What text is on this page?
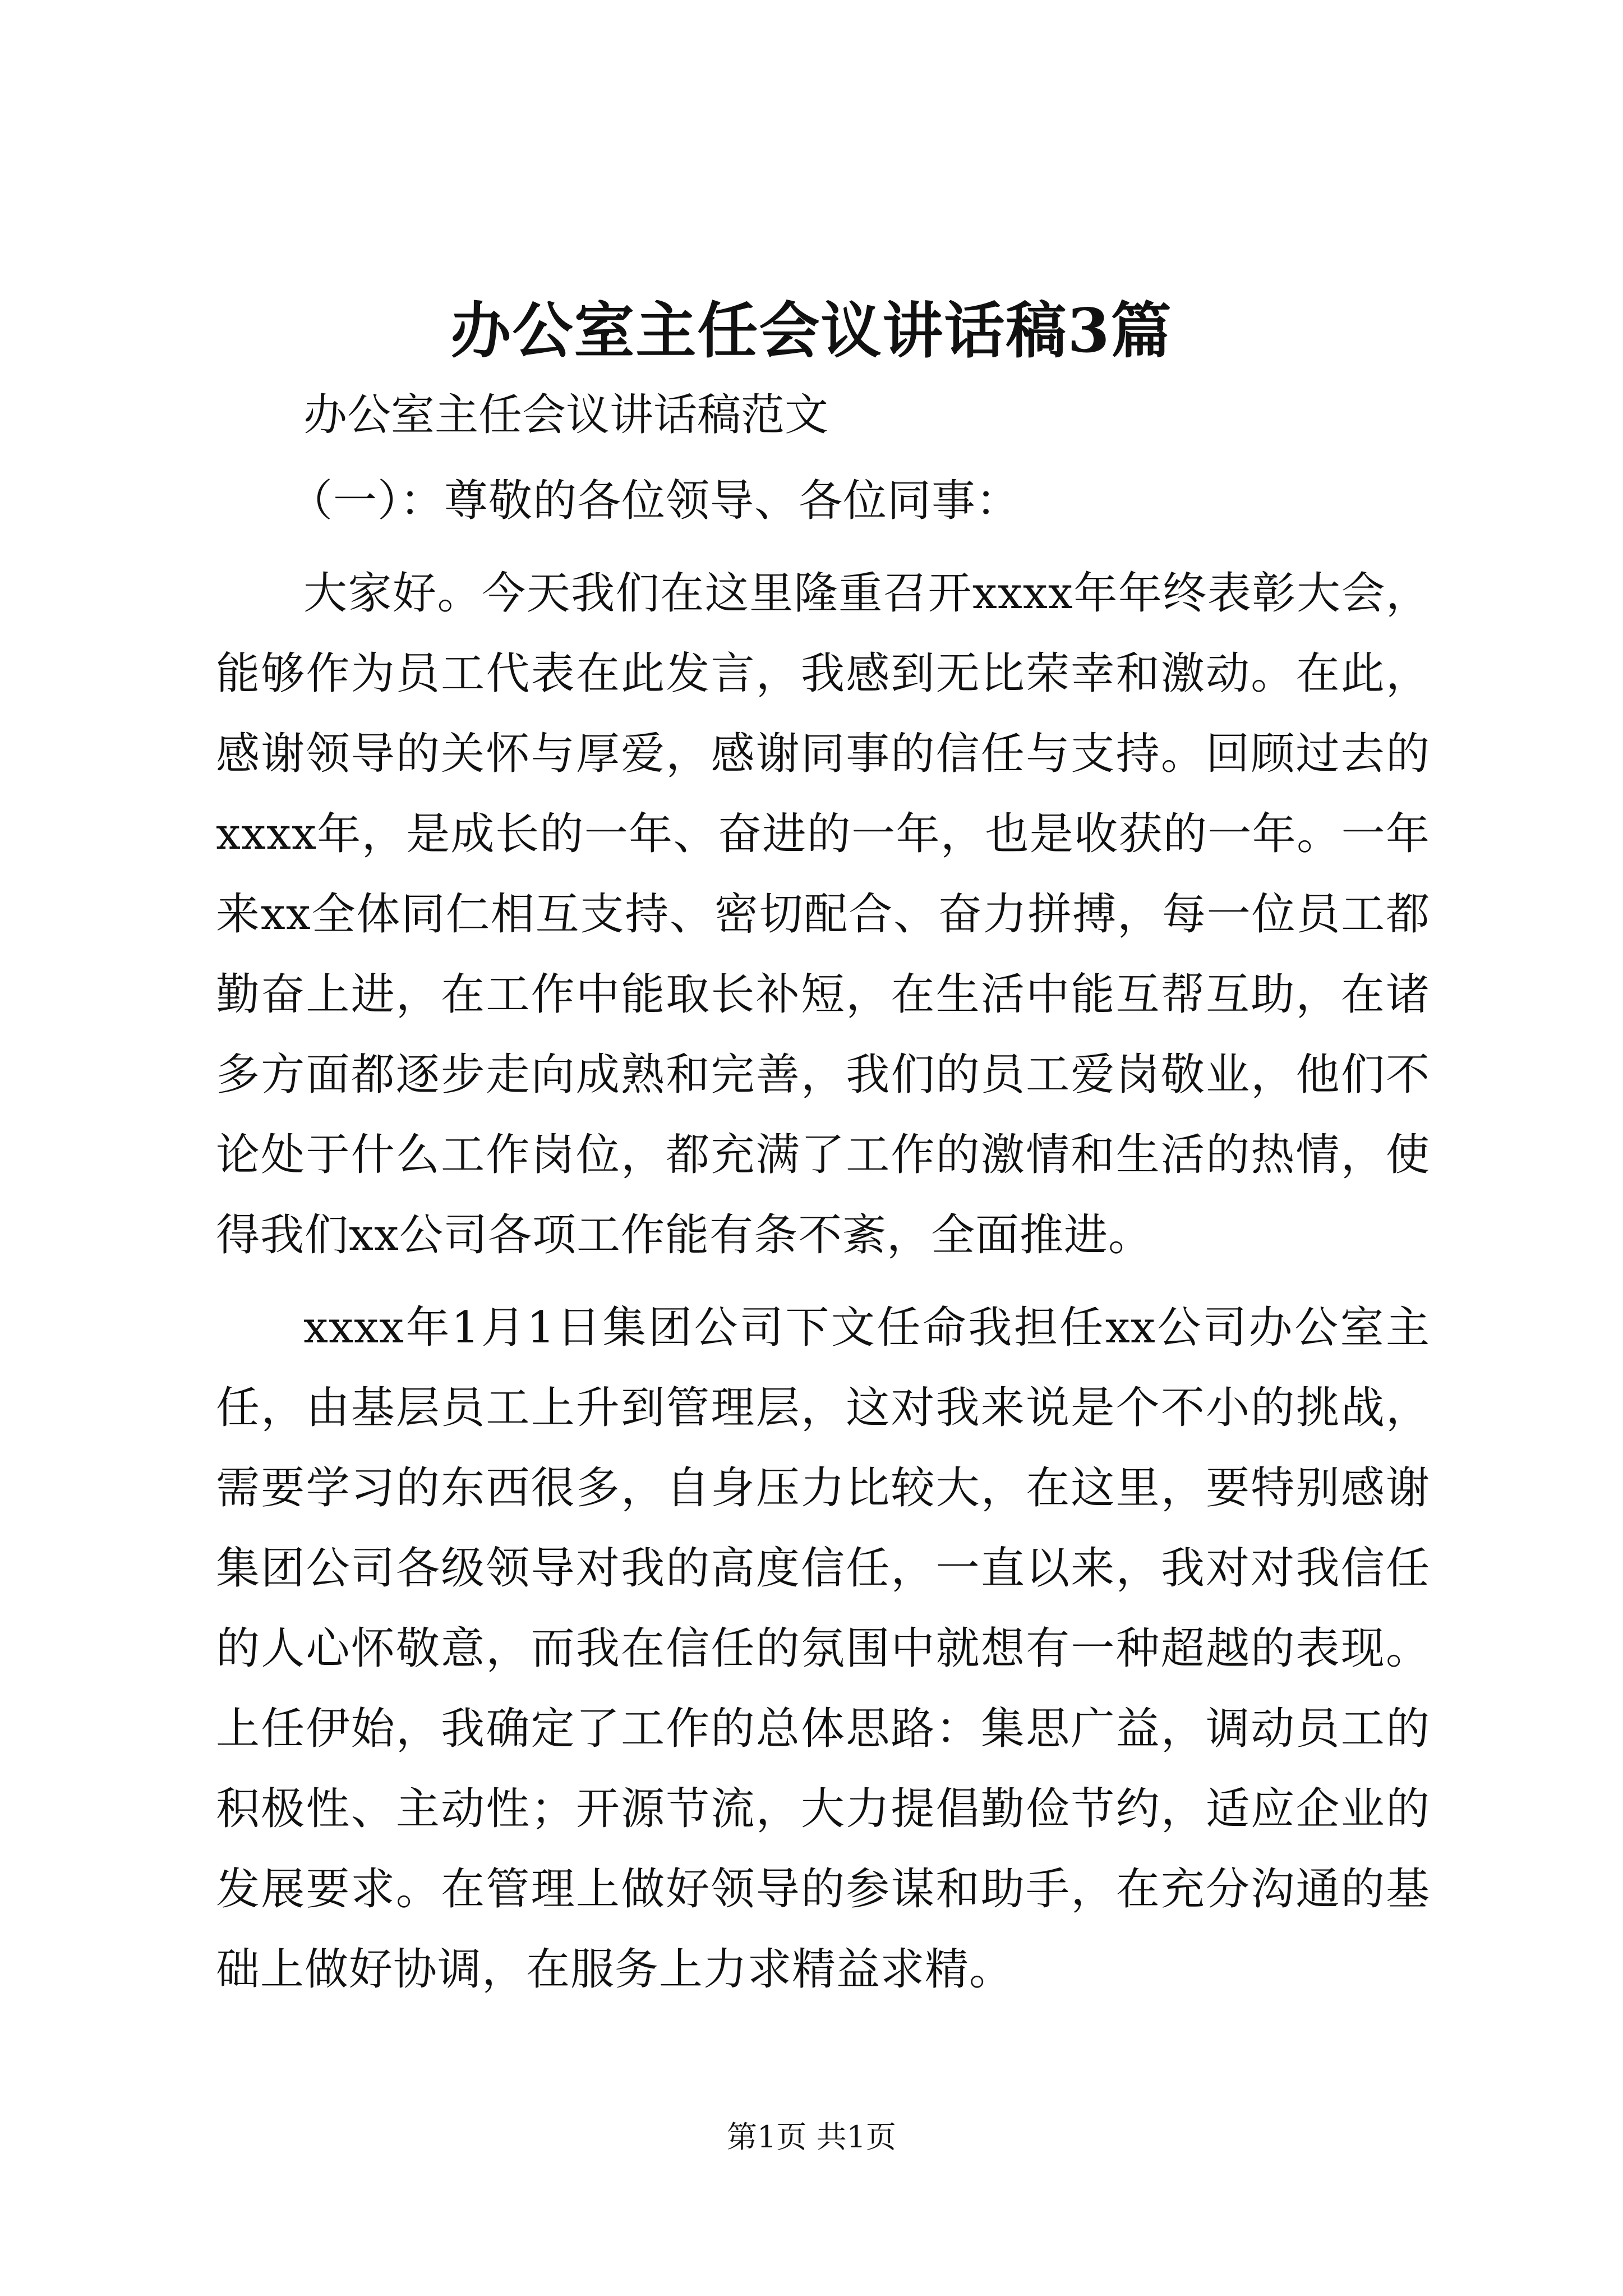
办公室主任会议讲话稿3篇

办公室主任会议讲话稿范文

（一）：尊敬的各位领导、各位同事：

大家好。今天我们在这里隆重召开xxxx年年终表彰大会，能够作为员工代表在此发言，我感到无比荣幸和激动。在此，感谢领导的关怀与厚爱，感谢同事的信任与支持。回顾过去的xxxx年，是成长的一年、奋进的一年，也是收获的一年。一年来xx全体同仁相互支持、密切配合、奋力拼搏，每一位员工都勤奋上进，在工作中能取长补短，在生活中能互帮互助，在诸多方面都逐步走向成熟和完善，我们的员工爱岗敬业，他们不论处于什么工作岗位，都充满了工作的激情和生活的热情，使得我们xx公司各项工作能有条不紊，全面推进。

xxxx年1月1日集团公司下文任命我担任xx公司办公室主任，由基层员工上升到管理层，这对我来说是个不小的挑战，需要学习的东西很多，自身压力比较大，在这里，要特别感谢集团公司各级领导对我的高度信任，一直以来，我对对我信任的人心怀敬意，而我在信任的氛围中就想有一种超越的表现。上任伊始，我确定了工作的总体思路：集思广益，调动员工的积极性、主动性；开源节流，大力提倡勤俭节约，适应企业的发展要求。在管理上做好领导的参谋和助手，在充分沟通的基础上做好协调，在服务上力求精益求精。

第1页 共1页
